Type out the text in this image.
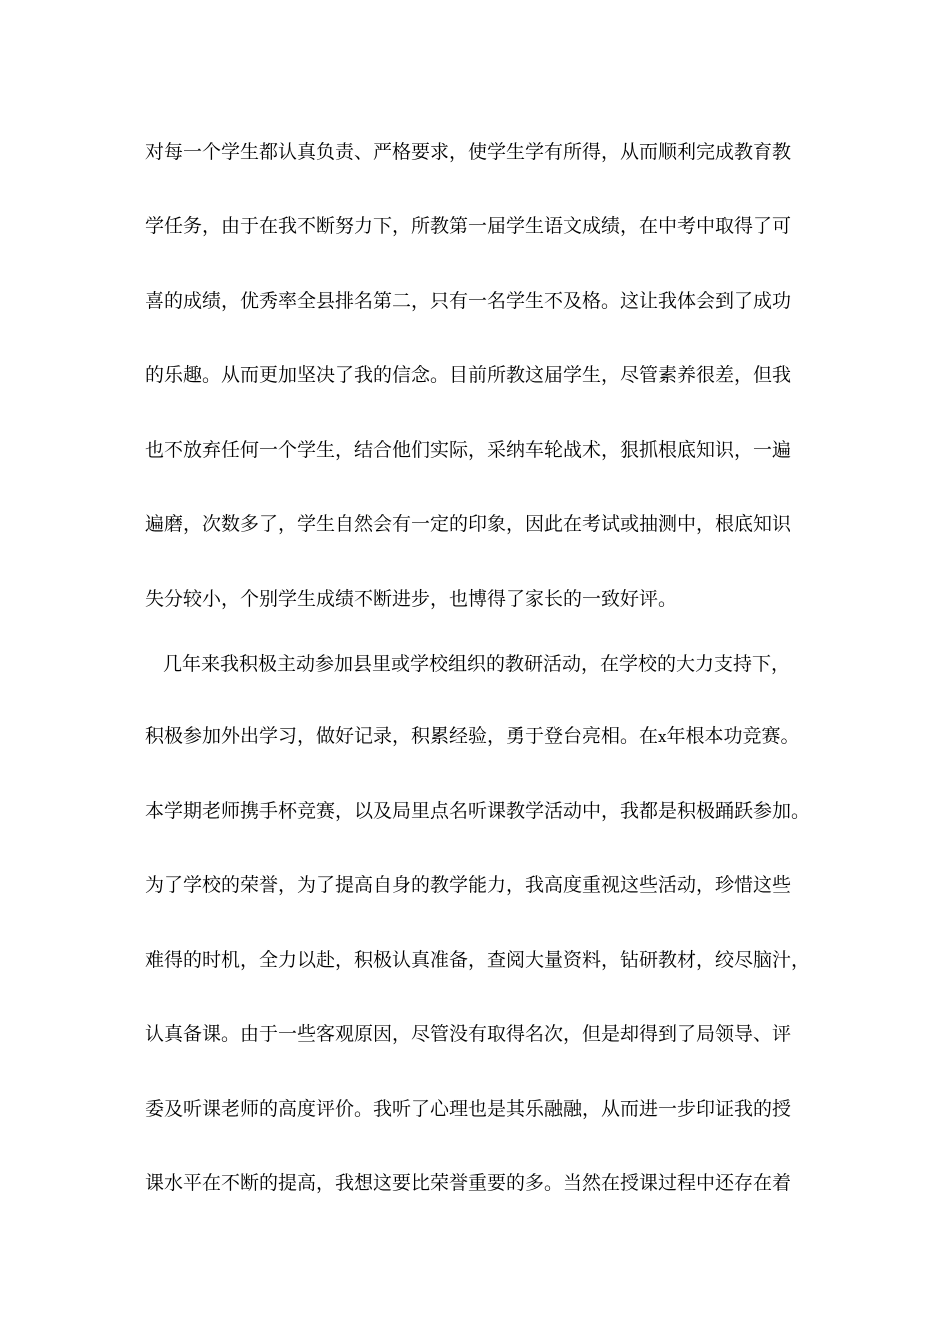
对每一个学生都认真负责、严格要求，使学生学有所得，从而顺利完成教育教
学任务，由于在我不断努力下，所教第一届学生语文成绩，在中考中取得了可
喜的成绩，优秀率全县排名第二，只有一名学生不及格。这让我体会到了成功
的乐趣。从而更加坚决了我的信念。目前所教这届学生，尽管素养很差，但我
也不放弃任何一个学生，结合他们实际，采纳车轮战术，狠抓根底知识，一遍
遍磨，次数多了，学生自然会有一定的印象，因此在考试或抽测中，根底知识
失分较小，个别学生成绩不断进步，也博得了家长的一致好评。
几年来我积极主动参加县里或学校组织的教研活动，在学校的大力支持下，
积极参加外出学习，做好记录，积累经验，勇于登台亮相。在x年根本功竞赛。
本学期老师携手杯竞赛，以及局里点名听课教学活动中，我都是积极踊跃参加。
为了学校的荣誉，为了提高自身的教学能力，我高度重视这些活动，珍惜这些
难得的时机，全力以赴，积极认真准备，查阅大量资料，钻研教材，绞尽脑汁，
认真备课。由于一些客观原因，尽管没有取得名次，但是却得到了局领导、评
委及听课老师的高度评价。我听了心理也是其乐融融，从而进一步印证我的授
课水平在不断的提高，我想这要比荣誉重要的多。当然在授课过程中还存在着
